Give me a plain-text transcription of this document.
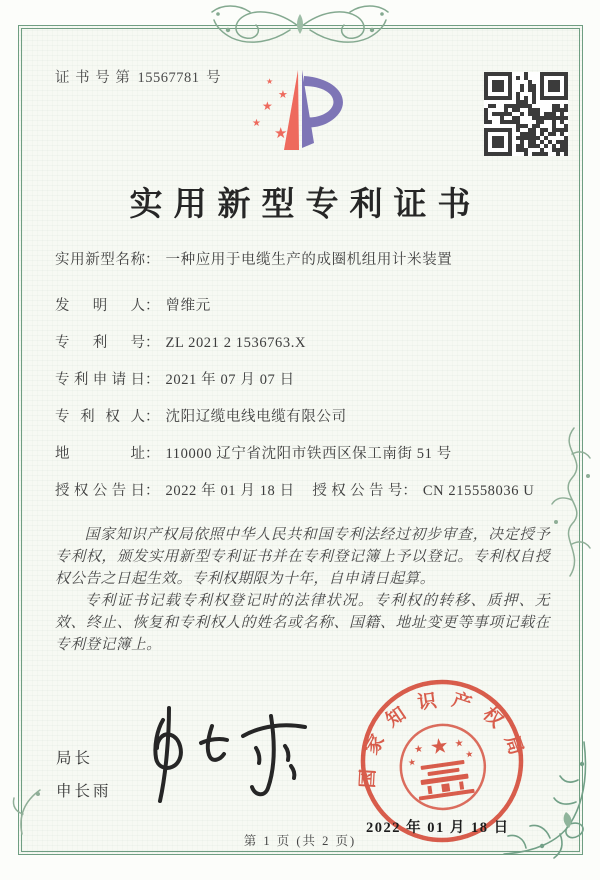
证 书 号 第 15567781 号
★
★
★
★
★
实用新型专利证书
实用新型名称： 一种应用于电缆生产的成圈机组用计米装置
发明人： 曾维元
专利号： ZL 2021 2 1536763.X
专利申请日： 2021 年 07 月 07 日
专利权人： 沈阳辽缆电线电缆有限公司
地址： 110000 辽宁省沈阳市铁西区保工南街 51 号
授权公告日： 2022 年 01 月 18 日 授权公告号： CN 215558036 U

国家知识产权局依照中华人民共和国专利法经过初步审查，决定授予专利权，颁发实用新型专利证书并在专利登记簿上予以登记。专利权自授权公告之日起生效。专利权期限为十年，自申请日起算。

专利证书记载专利权登记时的法律状况。专利权的转移、质押、无效、终止、恢复和专利权人的姓名或名称、国籍、地址变更等事项记载在专利登记簿上。

局长
申长雨
★
★	★
★
★
国家知识产权局
2022 年 01 月 18 日
第 1 页 (共 2 页)
